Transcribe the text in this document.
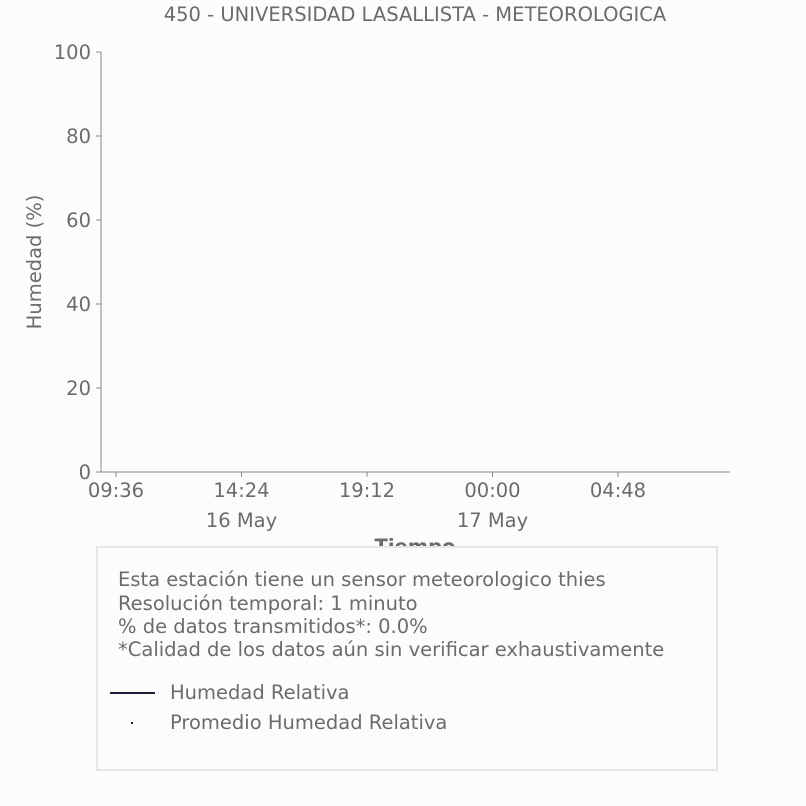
450 - UNIVERSIDAD LASALLISTA - METEOROLOGICA
0
20
40
60
80
100
09:36	14:24
16 May
19:12	00:00
17 May
04:48
Humedad (%)
Esta estación tiene un sensor meteorologico thies
Resolución temporal: 1 minuto
% de datos transmitidos*: 0.0%
*Calidad de los datos aún sin verificar exhaustivamente
Humedad Relativa
Promedio Humedad Relativa
